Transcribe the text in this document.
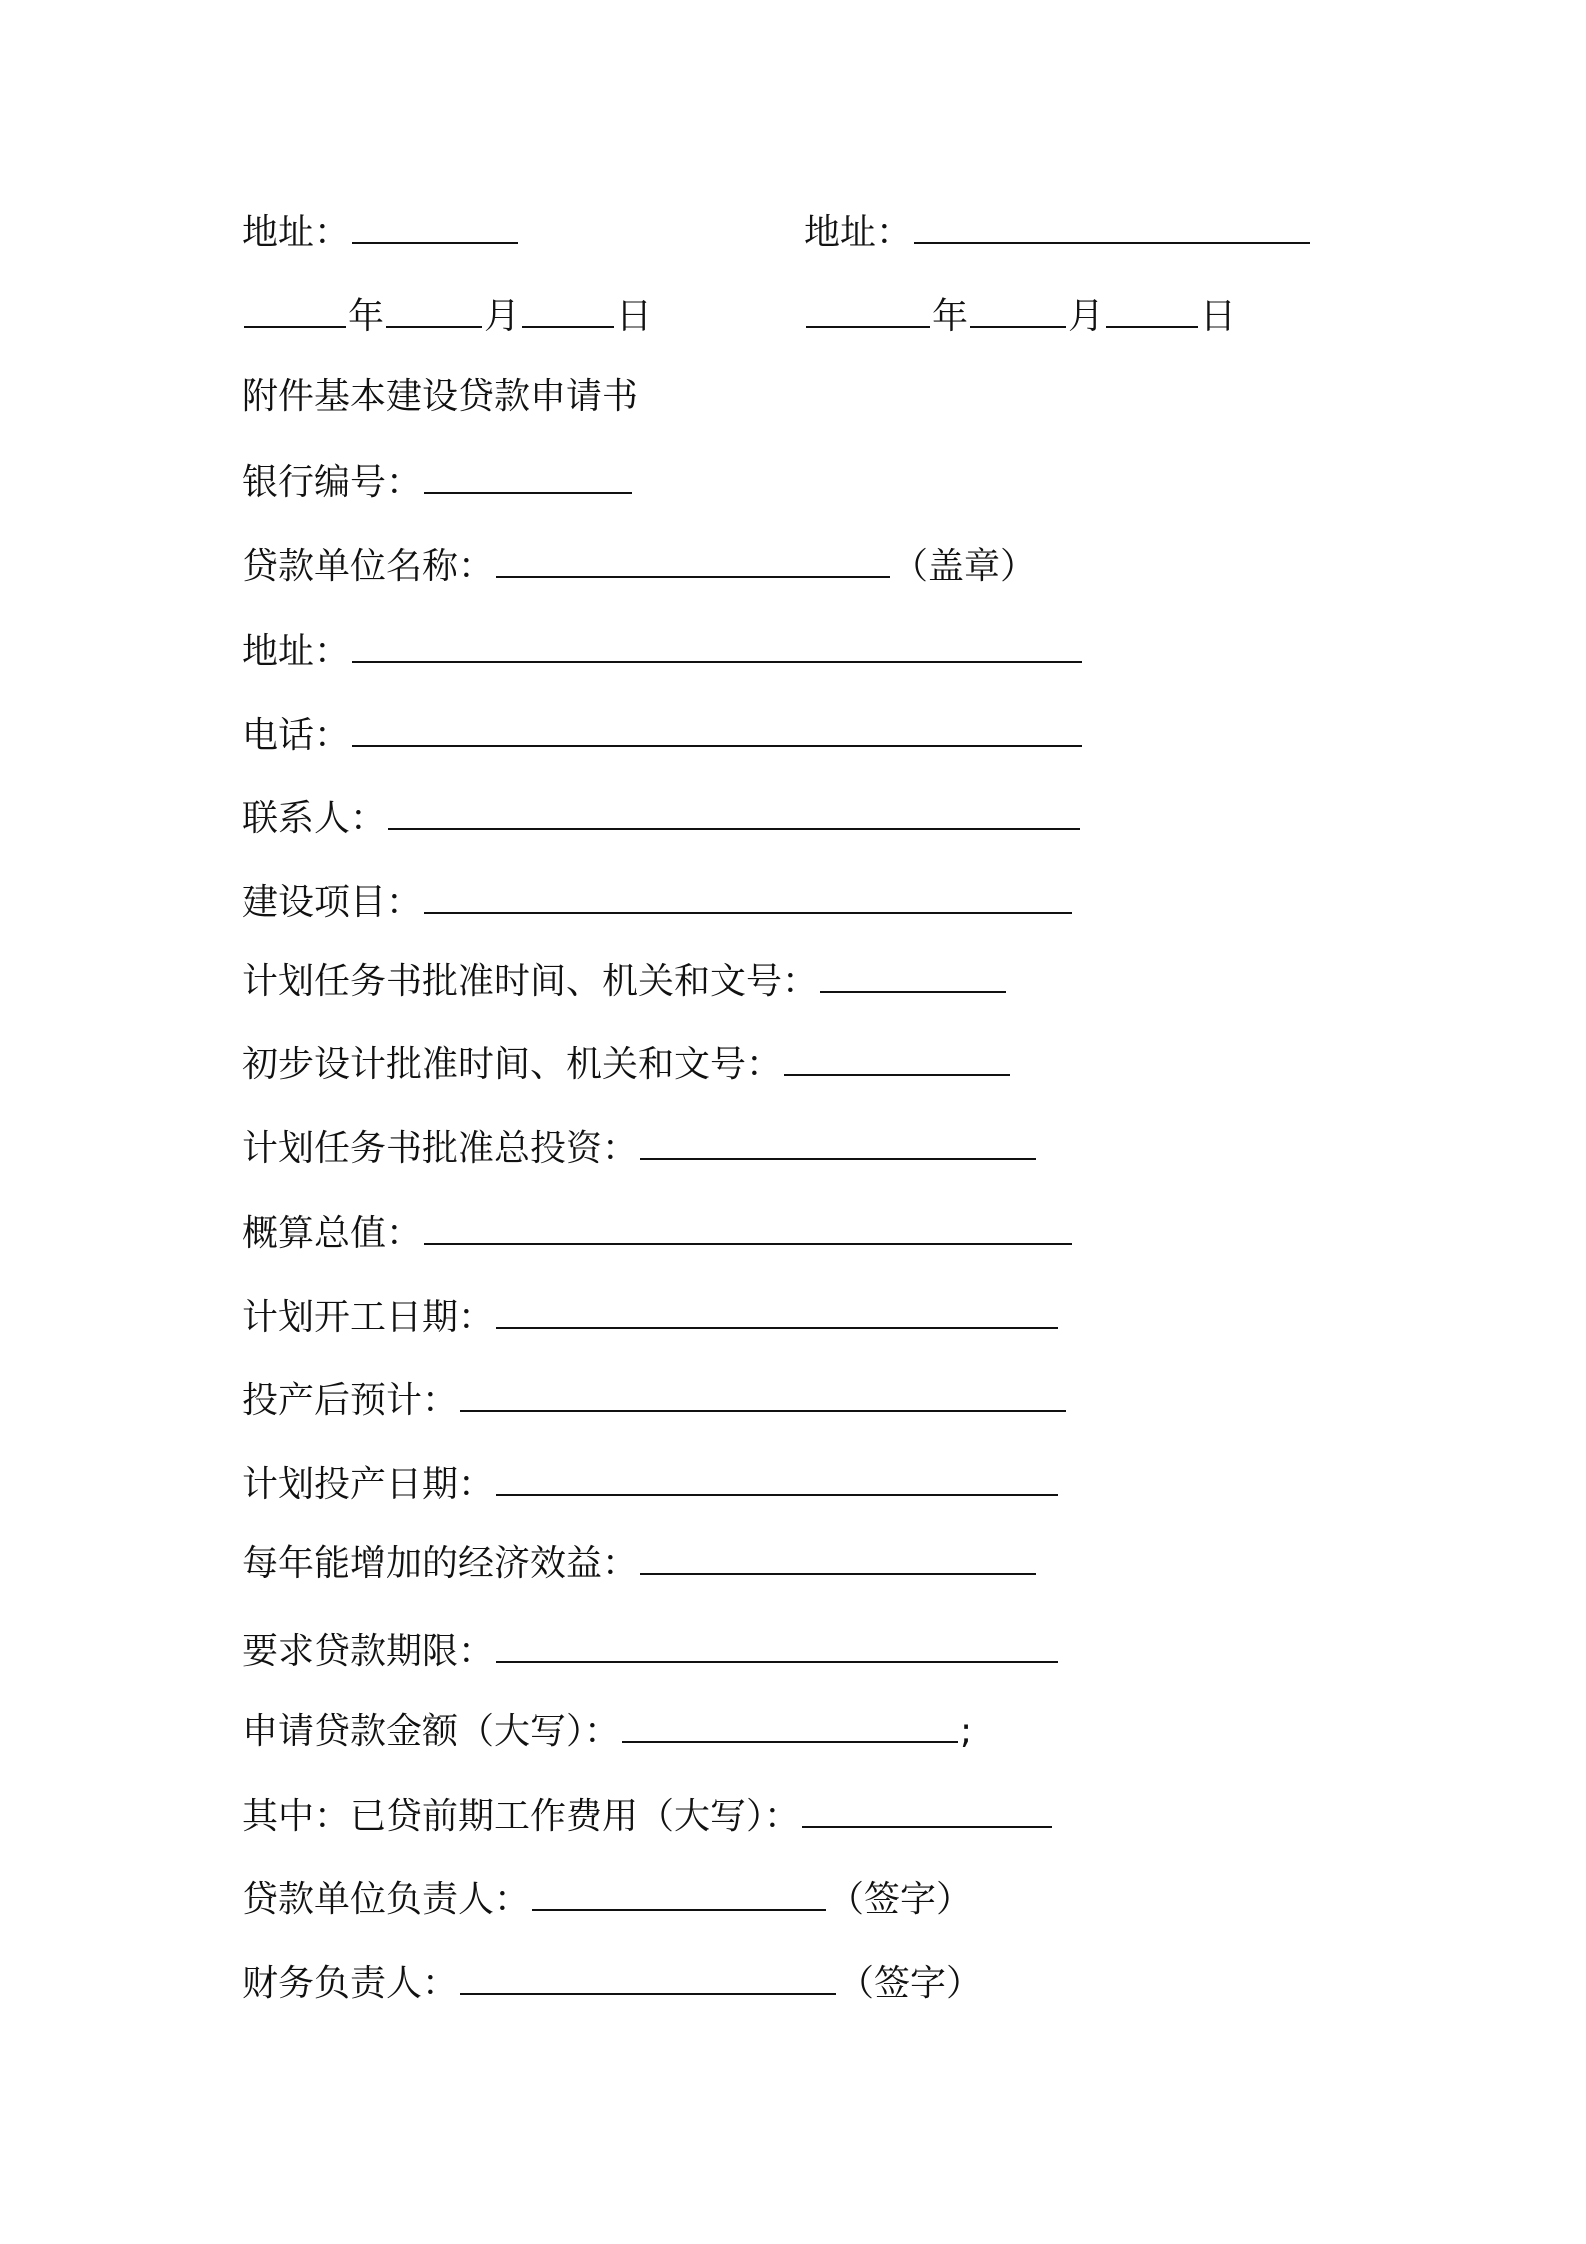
地址：	地址：
年	月	日	年	月	日
附件基本建设贷款申请书
银行编号：
贷款单位名称：	（盖章）
地址：
电话：
联系人：
建设项目：
计划任务书批准时间、机关和文号：
初步设计批准时间、机关和文号：
计划任务书批准总投资：
概算总值：
计划开工日期：
投产后预计：
计划投产日期：
每年能增加的经济效益：
要求贷款期限：
申请贷款金额（大写）：	;
其中：已贷前期工作费用（大写）：
贷款单位负责人：	（签字）
财务负责人：	（签字）
